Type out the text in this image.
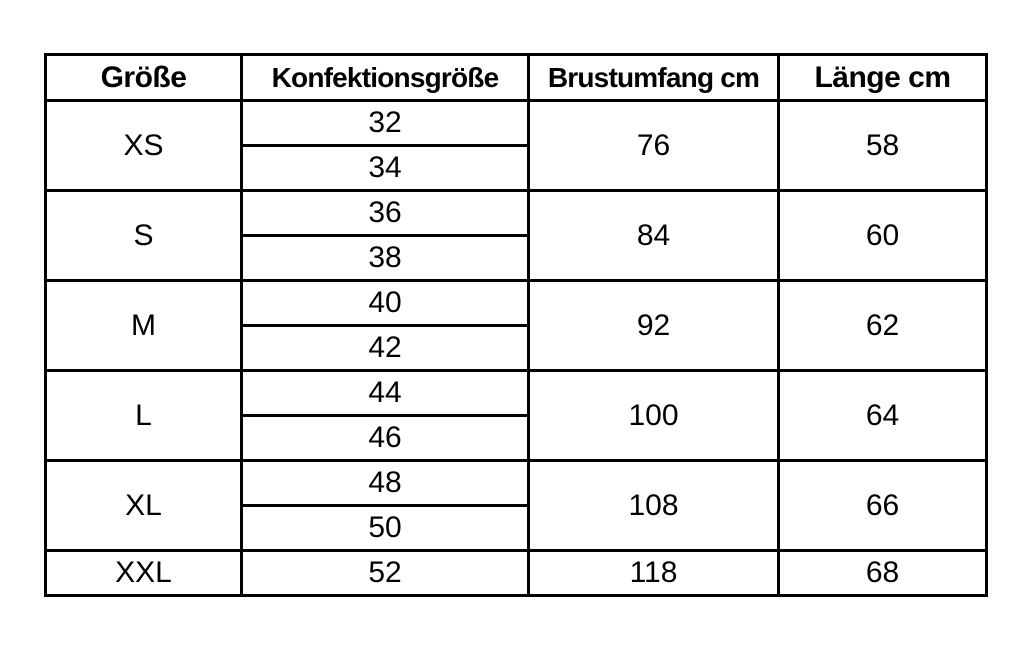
Größe	Konfektionsgröße	Brustumfang cm	Länge cm
XS	32	76	58
	34		
S	36	84	60
	38		
M	40	92	62
	42		
L	44	100	64
	46		
XL	48	108	66
	50		
XXL	52	118	68
